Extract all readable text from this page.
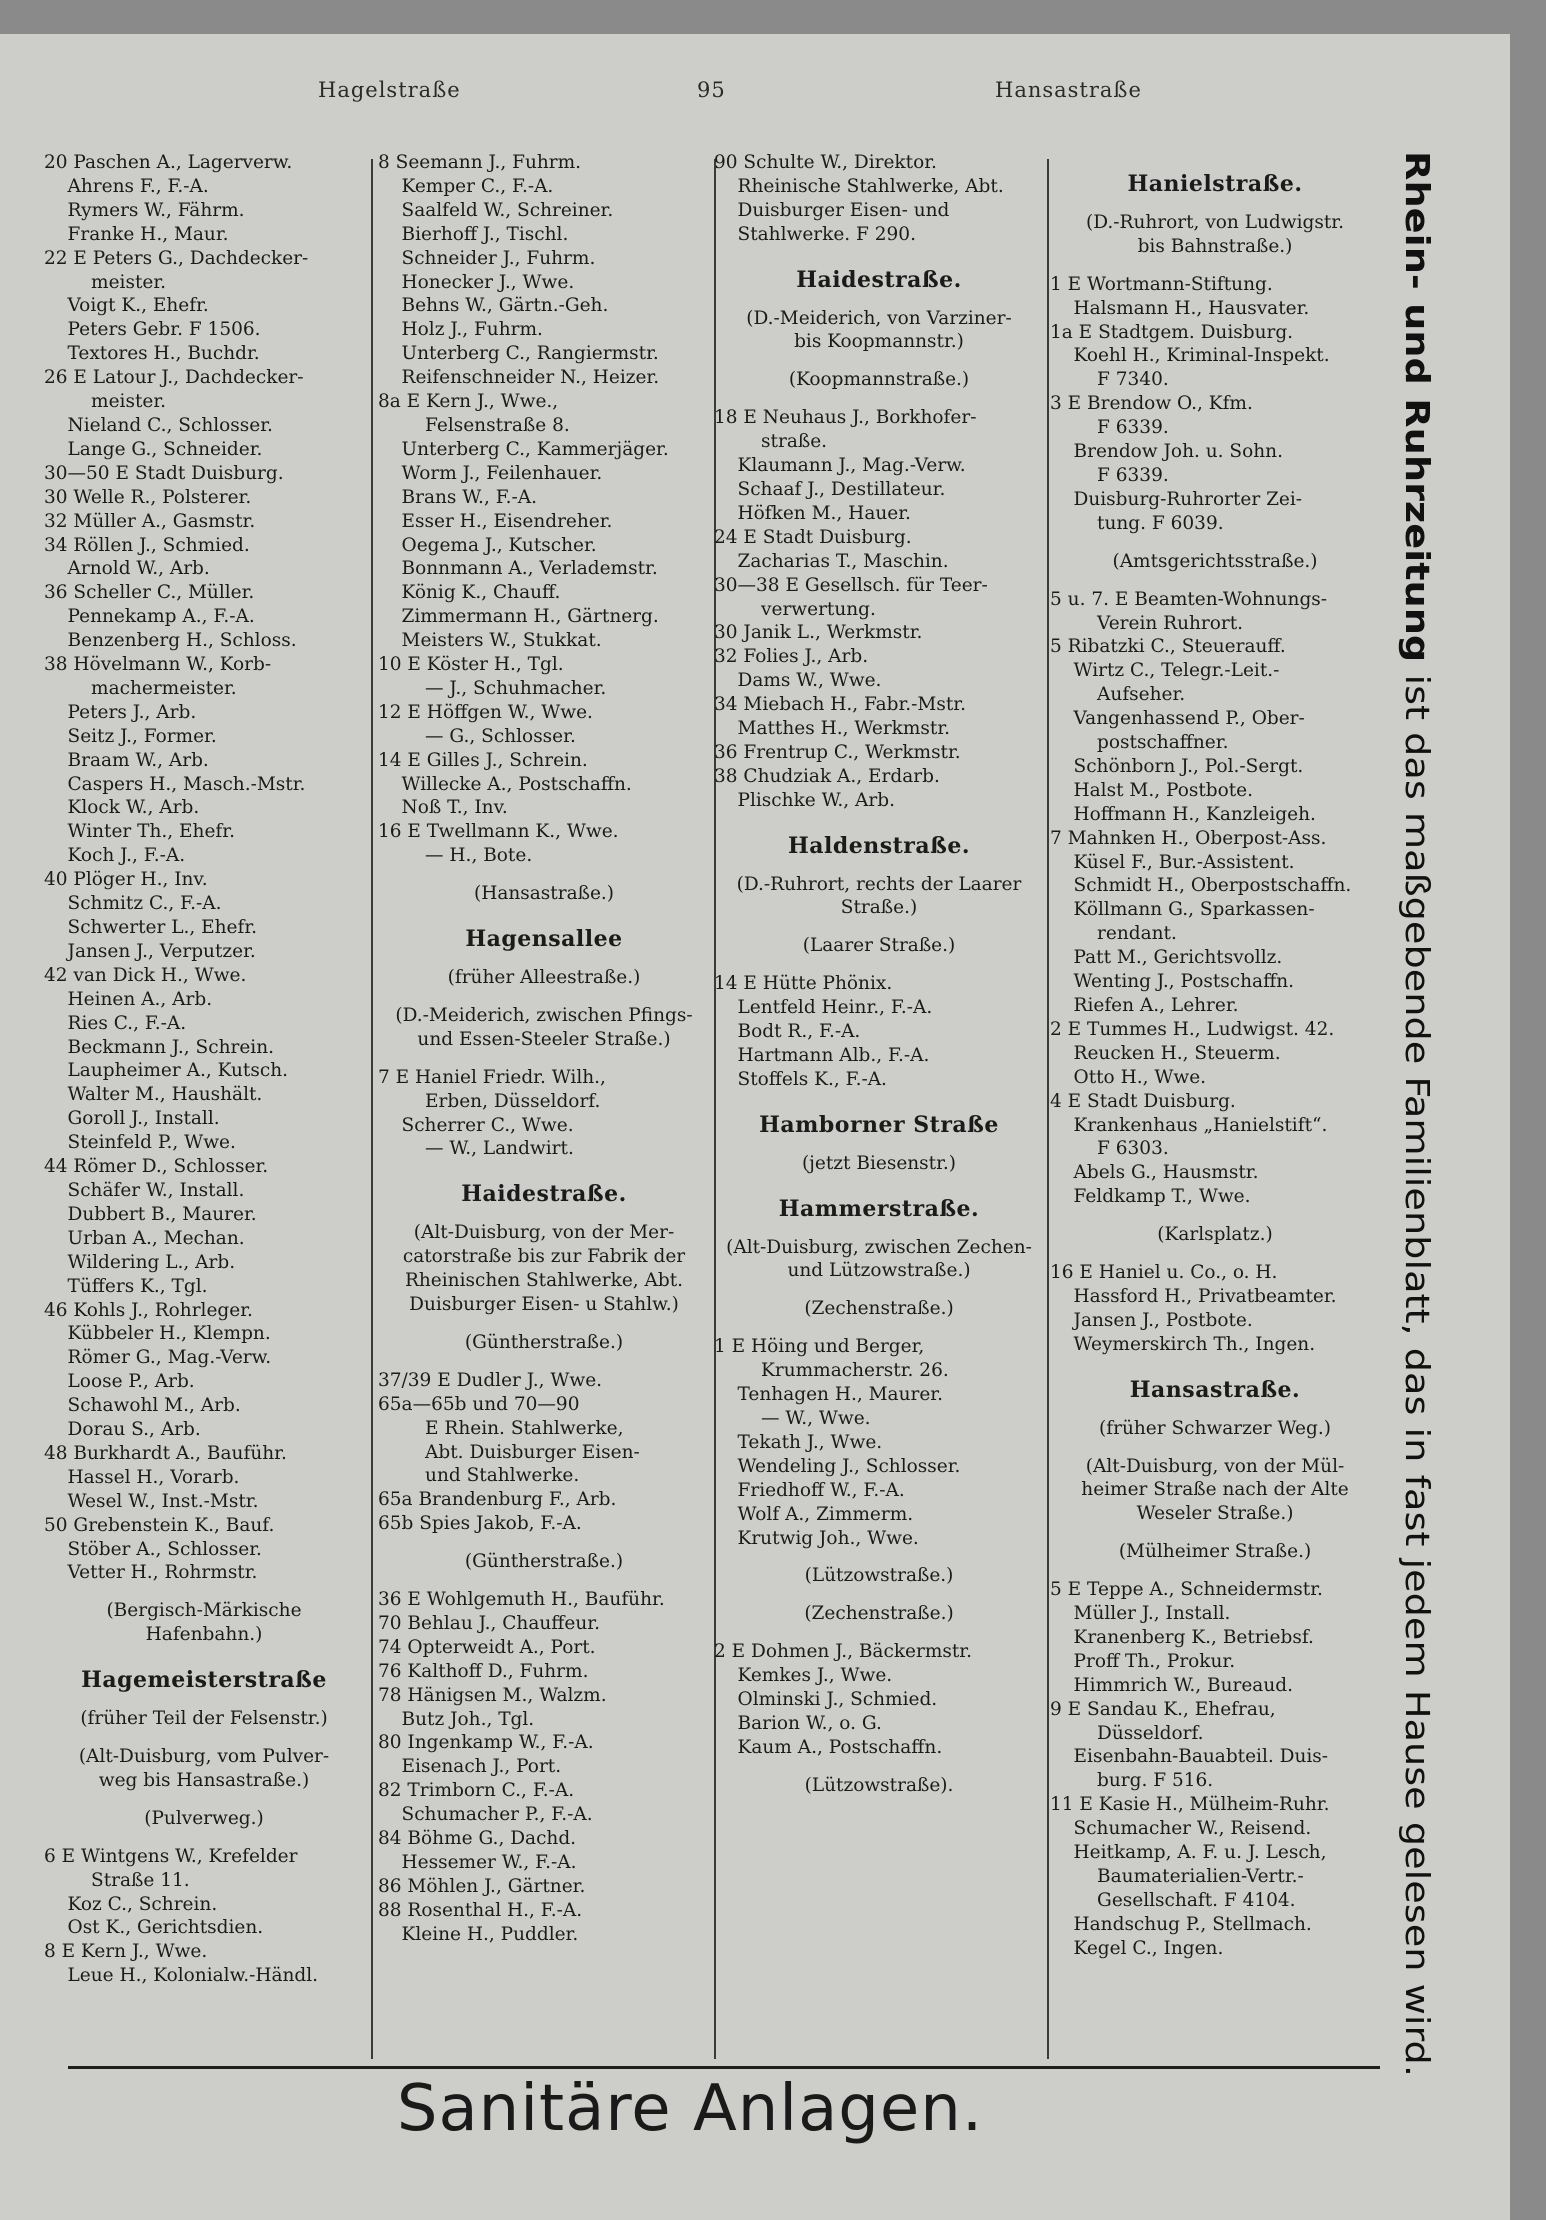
Hagelstraße	95	Hansastraße
20 Paschen A., Lagerverw.
Ahrens F., F.-A.
Rymers W., Fährm.
Franke H., Maur.
22 E Peters G., Dachdecker-
meister.
Voigt K., Ehefr.
Peters Gebr. F 1506.
Textores H., Buchdr.
26 E Latour J., Dachdecker-
meister.
Nieland C., Schlosser.
Lange G., Schneider.
30—50 E Stadt Duisburg.
30 Welle R., Polsterer.
32 Müller A., Gasmstr.
34 Röllen J., Schmied.
Arnold W., Arb.
36 Scheller C., Müller.
Pennekamp A., F.-A.
Benzenberg H., Schloss.
38 Hövelmann W., Korb-
machermeister.
Peters J., Arb.
Seitz J., Former.
Braam W., Arb.
Caspers H., Masch.-Mstr.
Klock W., Arb.
Winter Th., Ehefr.
Koch J., F.-A.
40 Plöger H., Inv.
Schmitz C., F.-A.
Schwerter L., Ehefr.
Jansen J., Verputzer.
42 van Dick H., Wwe.
Heinen A., Arb.
Ries C., F.-A.
Beckmann J., Schrein.
Laupheimer A., Kutsch.
Walter M., Haushält.
Goroll J., Install.
Steinfeld P., Wwe.
44 Römer D., Schlosser.
Schäfer W., Install.
Dubbert B., Maurer.
Urban A., Mechan.
Wildering L., Arb.
Tüffers K., Tgl.
46 Kohls J., Rohrleger.
Kübbeler H., Klempn.
Römer G., Mag.-Verw.
Loose P., Arb.
Schawohl M., Arb.
Dorau S., Arb.
48 Burkhardt A., Bauführ.
Hassel H., Vorarb.
Wesel W., Inst.-Mstr.
50 Grebenstein K., Bauf.
Stöber A., Schlosser.
Vetter H., Rohrmstr.
(Bergisch-Märkische
Hafenbahn.)
Hagemeisterstraße
(früher Teil der Felsenstr.)
(Alt-Duisburg, vom Pulver-
weg bis Hansastraße.)
(Pulverweg.)
6 E Wintgens W., Krefelder
Straße 11.
Koz C., Schrein.
Ost K., Gerichtsdien.
8 E Kern J., Wwe.
Leue H., Kolonialw.-Händl.
8 Seemann J., Fuhrm.
Kemper C., F.-A.
Saalfeld W., Schreiner.
Bierhoff J., Tischl.
Schneider J., Fuhrm.
Honecker J., Wwe.
Behns W., Gärtn.-Geh.
Holz J., Fuhrm.
Unterberg C., Rangiermstr.
Reifenschneider N., Heizer.
8a E Kern J., Wwe.,
Felsenstraße 8.
Unterberg C., Kammerjäger.
Worm J., Feilenhauer.
Brans W., F.-A.
Esser H., Eisendreher.
Oegema J., Kutscher.
Bonnmann A., Verlademstr.
König K., Chauff.
Zimmermann H., Gärtnerg.
Meisters W., Stukkat.
10 E Köster H., Tgl.
— J., Schuhmacher.
12 E Höffgen W., Wwe.
— G., Schlosser.
14 E Gilles J., Schrein.
Willecke A., Postschaffn.
Noß T., Inv.
16 E Twellmann K., Wwe.
— H., Bote.
(Hansastraße.)
Hagensallee
(früher Alleestraße.)
(D.-Meiderich, zwischen Pfings-
und Essen-Steeler Straße.)
7 E Haniel Friedr. Wilh.,
Erben, Düsseldorf.
Scherrer C., Wwe.
— W., Landwirt.
Haidestraße.
(Alt-Duisburg, von der Mer-
catorstraße bis zur Fabrik der
Rheinischen Stahlwerke, Abt.
Duisburger Eisen- u Stahlw.)
(Güntherstraße.)
37/39 E Dudler J., Wwe.
65a—65b und 70—90
E Rhein. Stahlwerke,
Abt. Duisburger Eisen-
und Stahlwerke.
65a Brandenburg F., Arb.
65b Spies Jakob, F.-A.
(Güntherstraße.)
36 E Wohlgemuth H., Bauführ.
70 Behlau J., Chauffeur.
74 Opterweidt A., Port.
76 Kalthoff D., Fuhrm.
78 Hänigsen M., Walzm.
Butz Joh., Tgl.
80 Ingenkamp W., F.-A.
Eisenach J., Port.
82 Trimborn C., F.-A.
Schumacher P., F.-A.
84 Böhme G., Dachd.
Hessemer W., F.-A.
86 Möhlen J., Gärtner.
88 Rosenthal H., F.-A.
Kleine H., Puddler.
90 Schulte W., Direktor.
Rheinische Stahlwerke, Abt.
Duisburger Eisen- und
Stahlwerke. F 290.
Haidestraße.
(D.-Meiderich, von Varziner-
bis Koopmannstr.)
(Koopmannstraße.)
18 E Neuhaus J., Borkhofer-
straße.
Klaumann J., Mag.-Verw.
Schaaf J., Destillateur.
Höfken M., Hauer.
24 E Stadt Duisburg.
Zacharias T., Maschin.
30—38 E Gesellsch. für Teer-
verwertung.
30 Janik L., Werkmstr.
32 Folies J., Arb.
Dams W., Wwe.
34 Miebach H., Fabr.-Mstr.
Matthes H., Werkmstr.
36 Frentrup C., Werkmstr.
38 Chudziak A., Erdarb.
Plischke W., Arb.
Haldenstraße.
(D.-Ruhrort, rechts der Laarer
Straße.)
(Laarer Straße.)
14 E Hütte Phönix.
Lentfeld Heinr., F.-A.
Bodt R., F.-A.
Hartmann Alb., F.-A.
Stoffels K., F.-A.
Hamborner Straße
(jetzt Biesenstr.)
Hammerstraße.
(Alt-Duisburg, zwischen Zechen-
und Lützowstraße.)
(Zechenstraße.)
1 E Höing und Berger,
Krummacherstr. 26.
Tenhagen H., Maurer.
— W., Wwe.
Tekath J., Wwe.
Wendeling J., Schlosser.
Friedhoff W., F.-A.
Wolf A., Zimmerm.
Krutwig Joh., Wwe.
(Lützowstraße.)
(Zechenstraße.)
2 E Dohmen J., Bäckermstr.
Kemkes J., Wwe.
Olminski J., Schmied.
Barion W., o. G.
Kaum A., Postschaffn.
(Lützowstraße).
Hanielstraße.
(D.-Ruhrort, von Ludwigstr.
bis Bahnstraße.)
1 E Wortmann-Stiftung.
Halsmann H., Hausvater.
1a E Stadtgem. Duisburg.
Koehl H., Kriminal-Inspekt.
F 7340.
3 E Brendow O., Kfm.
F 6339.
Brendow Joh. u. Sohn.
F 6339.
Duisburg-Ruhrorter Zei-
tung. F 6039.
(Amtsgerichtsstraße.)
5 u. 7. E Beamten-Wohnungs-
Verein Ruhrort.
5 Ribatzki C., Steuerauff.
Wirtz C., Telegr.-Leit.-
Aufseher.
Vangenhassend P., Ober-
postschaffner.
Schönborn J., Pol.-Sergt.
Halst M., Postbote.
Hoffmann H., Kanzleigeh.
7 Mahnken H., Oberpost-Ass.
Küsel F., Bur.-Assistent.
Schmidt H., Oberpostschaffn.
Köllmann G., Sparkassen-
rendant.
Patt M., Gerichtsvollz.
Wenting J., Postschaffn.
Riefen A., Lehrer.
2 E Tummes H., Ludwigst. 42.
Reucken H., Steuerm.
Otto H., Wwe.
4 E Stadt Duisburg.
Krankenhaus „Hanielstift“.
F 6303.
Abels G., Hausmstr.
Feldkamp T., Wwe.
(Karlsplatz.)
16 E Haniel u. Co., o. H.
Hassford H., Privatbeamter.
Jansen J., Postbote.
Weymerskirch Th., Ingen.
Hansastraße.
(früher Schwarzer Weg.)
(Alt-Duisburg, von der Mül-
heimer Straße nach der Alte
Weseler Straße.)
(Mülheimer Straße.)
5 E Teppe A., Schneidermstr.
Müller J., Install.
Kranenberg K., Betriebsf.
Proff Th., Prokur.
Himmrich W., Bureaud.
9 E Sandau K., Ehefrau,
Düsseldorf.
Eisenbahn-Bauabteil. Duis-
burg. F 516.
11 E Kasie H., Mülheim-Ruhr.
Schumacher W., Reisend.
Heitkamp, A. F. u. J. Lesch,
Baumaterialien-Vertr.-
Gesellschaft. F 4104.
Handschug P., Stellmach.
Kegel C., Ingen.
Rhein- und Ruhrzeitung ist das maßgebende Familienblatt, das in fast jedem Hause gelesen wird.
Sanitäre Anlagen.
